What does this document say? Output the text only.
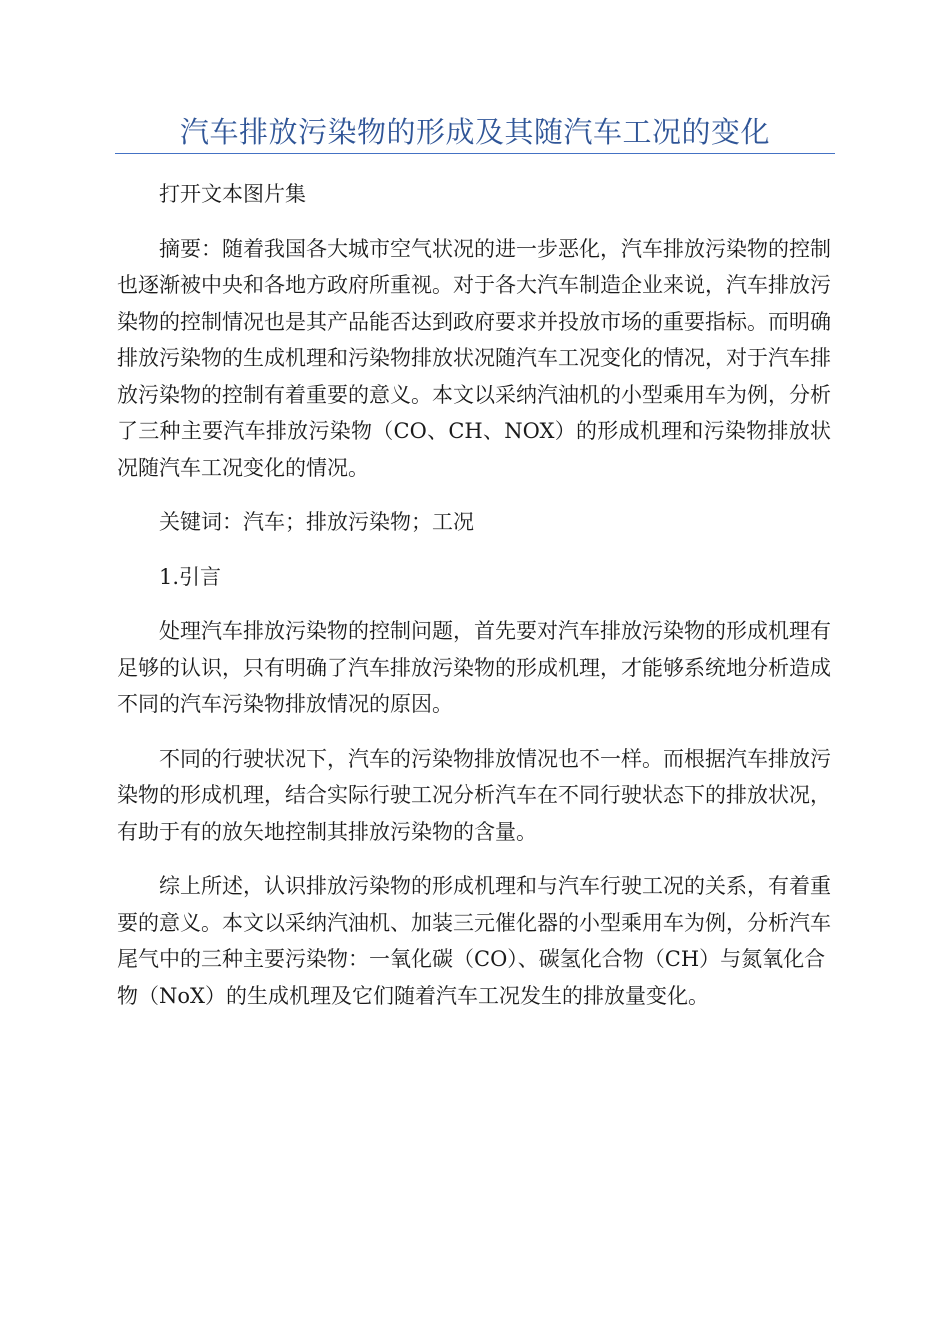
汽车排放污染物的形成及其随汽车工况的变化

打开文本图片集

摘要：随着我国各大城市空气状况的进一步恶化，汽车排放污染物的控制也逐渐被中央和各地方政府所重视。对于各大汽车制造企业来说，汽车排放污染物的控制情况也是其产品能否达到政府要求并投放市场的重要指标。而明确排放污染物的生成机理和污染物排放状况随汽车工况变化的情况，对于汽车排放污染物的控制有着重要的意义。本文以采纳汽油机的小型乘用车为例，分析了三种主要汽车排放污染物（CO、CH、NOX）的形成机理和污染物排放状况随汽车工况变化的情况。

关键词：汽车；排放污染物；工况

1.引言

处理汽车排放污染物的控制问题，首先要对汽车排放污染物的形成机理有足够的认识，只有明确了汽车排放污染物的形成机理，才能够系统地分析造成不同的汽车污染物排放情况的原因。

不同的行驶状况下，汽车的污染物排放情况也不一样。而根据汽车排放污染物的形成机理，结合实际行驶工况分析汽车在不同行驶状态下的排放状况，有助于有的放矢地控制其排放污染物的含量。

综上所述，认识排放污染物的形成机理和与汽车行驶工况的关系，有着重要的意义。本文以采纳汽油机、加装三元催化器的小型乘用车为例，分析汽车尾气中的三种主要污染物：一氧化碳（CO）、碳氢化合物（CH）与氮氧化合物（NoX）的生成机理及它们随着汽车工况发生的排放量变化。
